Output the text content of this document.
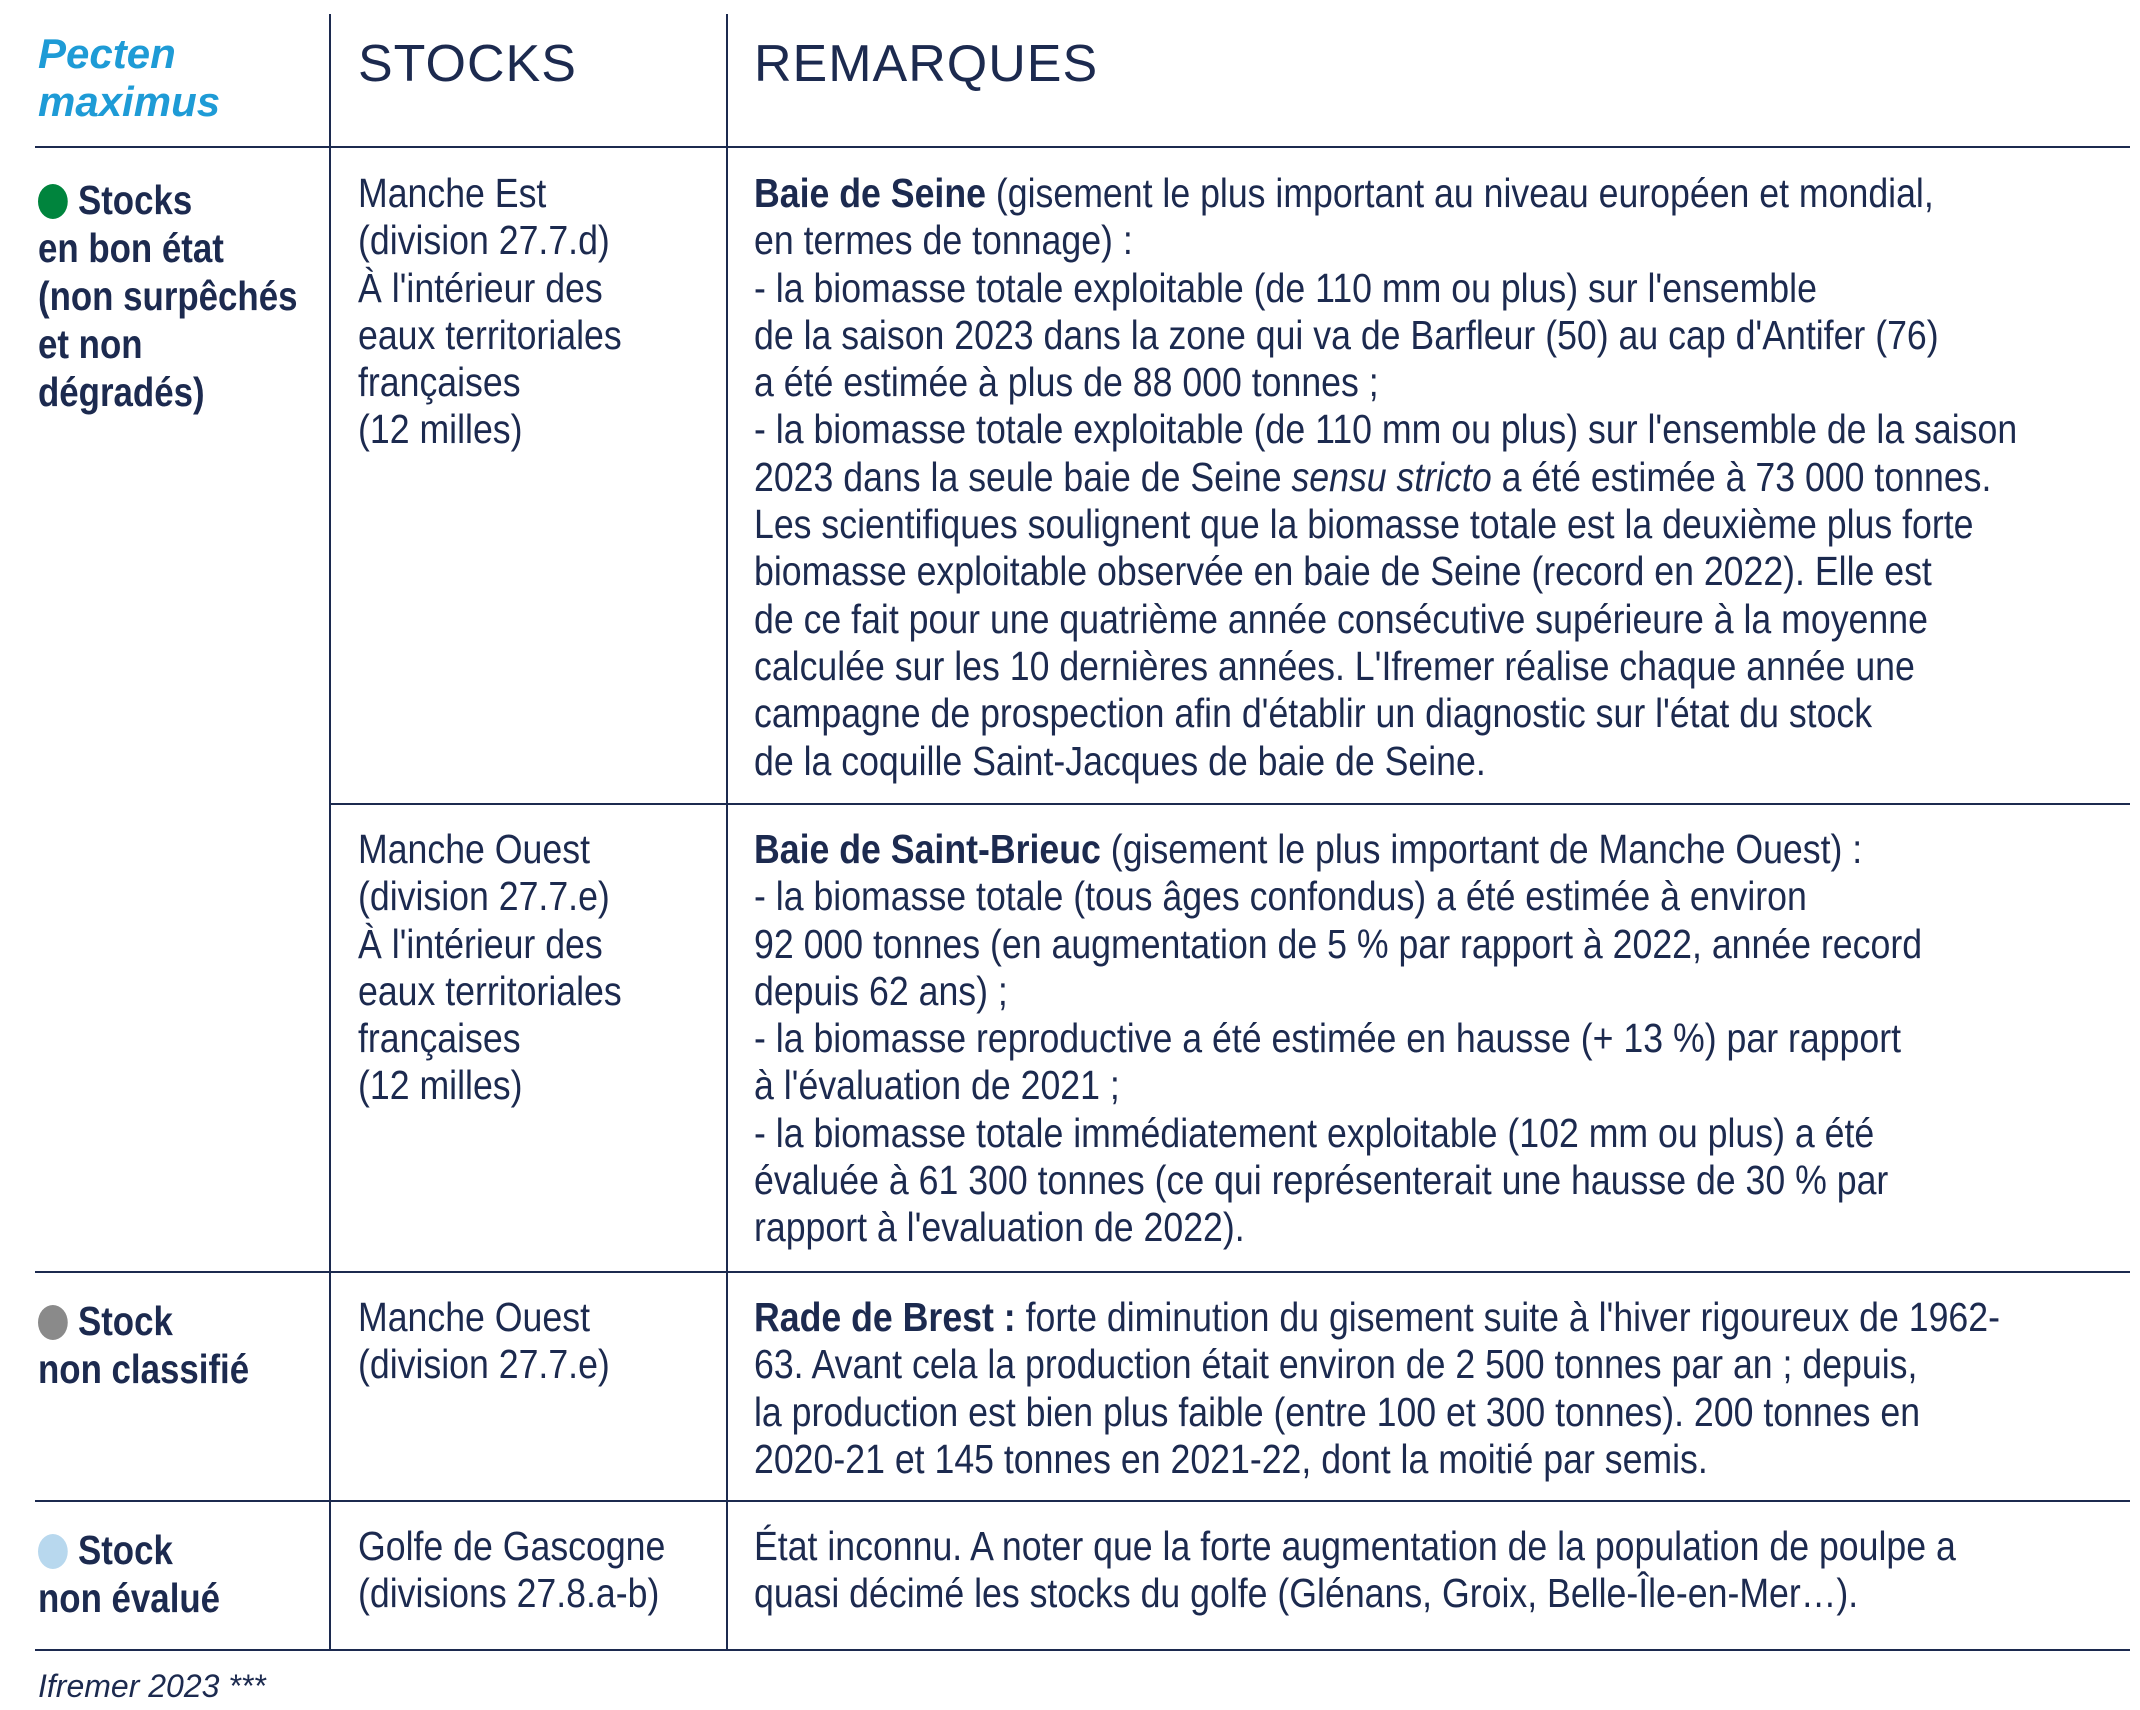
Pecten
maximus
STOCKS	REMARQUES
Stocks
en bon état
(non surpêchés
et non
dégradés)
Manche Est
(division 27.7.d)
À l'intérieur des
eaux territoriales
françaises
(12 milles)
Baie de Seine (gisement le plus important au niveau européen et mondial,
en termes de tonnage) :
- la biomasse totale exploitable (de 110 mm ou plus) sur l'ensemble
de la saison 2023 dans la zone qui va de Barfleur (50) au cap d'Antifer (76)
a été estimée à plus de 88 000 tonnes ;
- la biomasse totale exploitable (de 110 mm ou plus) sur l'ensemble de la saison
2023 dans la seule baie de Seine sensu stricto a été estimée à 73 000 tonnes.
Les scientifiques soulignent que la biomasse totale est la deuxième plus forte
biomasse exploitable observée en baie de Seine (record en 2022). Elle est
de ce fait pour une quatrième année consécutive supérieure à la moyenne
calculée sur les 10 dernières années. L'Ifremer réalise chaque année une
campagne de prospection afin d'établir un diagnostic sur l'état du stock
de la coquille Saint-Jacques de baie de Seine.
Manche Ouest
(division 27.7.e)
À l'intérieur des
eaux territoriales
françaises
(12 milles)
Baie de Saint-Brieuc (gisement le plus important de Manche Ouest) :
- la biomasse totale (tous âges confondus) a été estimée à environ
92 000 tonnes (en augmentation de 5 % par rapport à 2022, année record
depuis 62 ans) ;
- la biomasse reproductive a été estimée en hausse (+ 13 %) par rapport
à l'évaluation de 2021 ;
- la biomasse totale immédiatement exploitable (102 mm ou plus) a été
évaluée à 61 300 tonnes (ce qui représenterait une hausse de 30 % par
rapport à l'evaluation de 2022).
Stock
non classifié
Manche Ouest
(division 27.7.e)
Rade de Brest : forte diminution du gisement suite à l'hiver rigoureux de 1962-
63. Avant cela la production était environ de 2 500 tonnes par an ; depuis,
la production est bien plus faible (entre 100 et 300 tonnes). 200 tonnes en
2020-21 et 145 tonnes en 2021-22, dont la moitié par semis.
Stock
non évalué
Golfe de Gascogne
(divisions 27.8.a-b)
État inconnu. A noter que la forte augmentation de la population de poulpe a
quasi décimé les stocks du golfe (Glénans, Groix, Belle-Île-en-Mer…).
Ifremer 2023 ***
